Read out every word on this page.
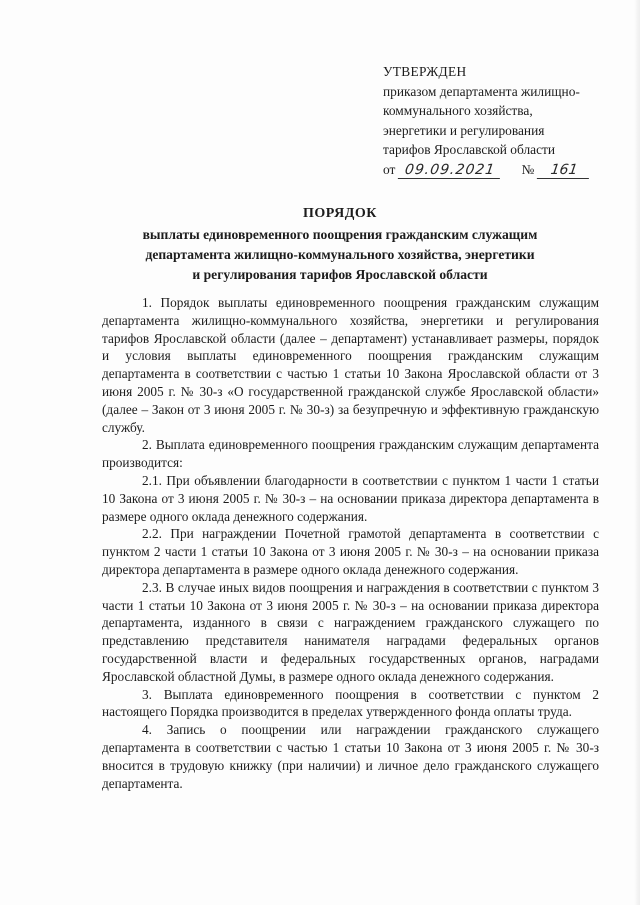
УТВЕРЖДЕН
приказом департамента жилищно-
коммунального хозяйства,
энергетики и регулирования
тарифов Ярославской области
от 09.09.2021 № 161
ПОРЯДОК
выплаты единовременного поощрения гражданским служащим
департамента жилищно-коммунального хозяйства, энергетики
и регулирования тарифов Ярославской области

1. Порядок выплаты единовременного поощрения гражданским служащим департамента жилищно-коммунального хозяйства, энергетики и регулирования тарифов Ярославской области (далее – департамент) устанавливает размеры, порядок и условия выплаты единовременного поощрения гражданским служащим департамента в соответствии с частью 1 статьи 10 Закона Ярославской области от 3 июня 2005 г. № 30-з «О государственной гражданской службе Ярославской области» (далее – Закон от 3 июня 2005 г. № 30-з) за безупречную и эффективную гражданскую службу.

2. Выплата единовременного поощрения гражданским служащим департамента производится:

2.1. При объявлении благодарности в соответствии с пунктом 1 части 1 статьи 10 Закона от 3 июня 2005 г. № 30-з – на основании приказа директора департамента в размере одного оклада денежного содержания.

2.2. При награждении Почетной грамотой департамента в соответствии с пунктом 2 части 1 статьи 10 Закона от 3 июня 2005 г. № 30-з – на основании приказа директора департамента в размере одного оклада денежного содержания.

2.3. В случае иных видов поощрения и награждения в соответствии с пунктом 3 части 1 статьи 10 Закона от 3 июня 2005 г. № 30-з – на основании приказа директора департамента, изданного в связи с награждением гражданского служащего по представлению представителя нанимателя наградами федеральных органов государственной власти и федеральных государственных органов, наградами Ярославской областной Думы, в размере одного оклада денежного содержания.

3. Выплата единовременного поощрения в соответствии с пунктом 2 настоящего Порядка производится в пределах утвержденного фонда оплаты труда.

4. Запись о поощрении или награждении гражданского служащего департамента в соответствии с частью 1 статьи 10 Закона от 3 июня 2005 г. № 30-з вносится в трудовую книжку (при наличии) и личное дело гражданского служащего департамента.
